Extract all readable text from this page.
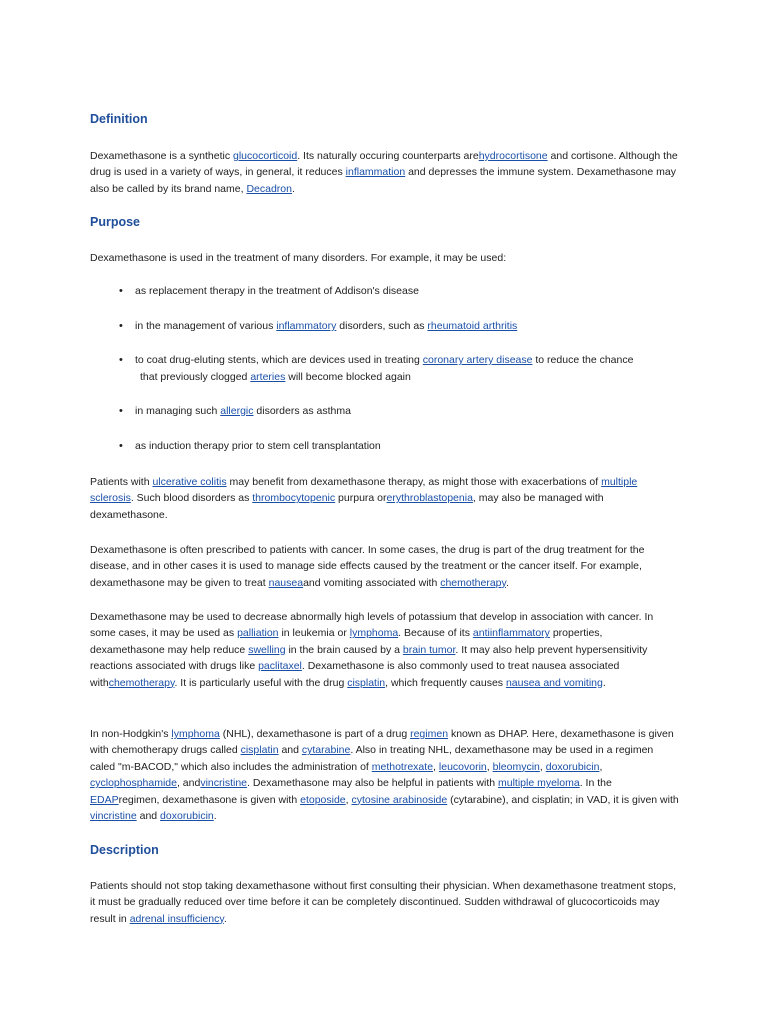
Definition

Dexamethasone is a synthetic glucocorticoid. Its naturally occuring counterparts arehydrocortisone and cortisone. Although the drug is used in a variety of ways, in general, it reduces inflammation and depresses the immune system. Dexamethasone may also be called by its brand name, Decadron.

Purpose

Dexamethasone is used in the treatment of many disorders. For example, it may be used:

• as replacement therapy in the treatment of Addison's disease
• in the management of various inflammatory disorders, such as rheumatoid arthritis
• to coat drug-eluting stents, which are devices used in treating coronary artery disease to reduce the chance
that previously clogged arteries will become blocked again
• in managing such allergic disorders as asthma
• as induction therapy prior to stem cell transplantation

Patients with ulcerative colitis may benefit from dexamethasone therapy, as might those with exacerbations of multiple sclerosis. Such blood disorders as thrombocytopenic purpura orerythroblastopenia, may also be managed with dexamethasone.

Dexamethasone is often prescribed to patients with cancer. In some cases, the drug is part of the drug treatment for the disease, and in other cases it is used to manage side effects caused by the treatment or the cancer itself. For example, dexamethasone may be given to treat nauseaand vomiting associated with chemotherapy.

Dexamethasone may be used to decrease abnormally high levels of potassium that develop in association with cancer. In some cases, it may be used as palliation in leukemia or lymphoma. Because of its antiinflammatory properties, dexamethasone may help reduce swelling in the brain caused by a brain tumor. It may also help prevent hypersensitivity reactions associated with drugs like paclitaxel. Dexamethasone is also commonly used to treat nausea associated withchemotherapy. It is particularly useful with the drug cisplatin, which frequently causes nausea and vomiting.

In non-Hodgkin's lymphoma (NHL), dexamethasone is part of a drug regimen known as DHAP. Here, dexamethasone is given with chemotherapy drugs called cisplatin and cytarabine. Also in treating NHL, dexamethasone may be used in a regimen caled "m-BACOD," which also includes the administration of methotrexate, leucovorin, bleomycin, doxorubicin, cyclophosphamide, andvincristine. Dexamethasone may also be helpful in patients with multiple myeloma. In the EDAPregimen, dexamethasone is given with etoposide, cytosine arabinoside (cytarabine), and cisplatin; in VAD, it is given with vincristine and doxorubicin.

Description

Patients should not stop taking dexamethasone without first consulting their physician. When dexamethasone treatment stops, it must be gradually reduced over time before it can be completely discontinued. Sudden withdrawal of glucocorticoids may result in adrenal insufficiency.
